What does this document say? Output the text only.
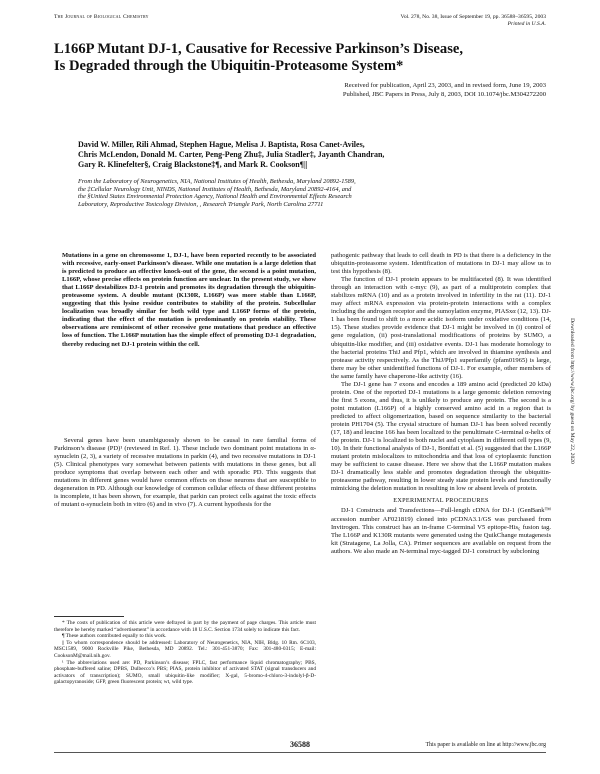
The Journal of Biological Chemistry	Vol. 278, No. 38, Issue of September 19, pp. 36588–36595, 2003
Printed in U.S.A.
L166P Mutant DJ-1, Causative for Recessive Parkinson’s Disease,
Is Degraded through the Ubiquitin-Proteasome System*
Received for publication, April 23, 2003, and in revised form, June 19, 2003
Published, JBC Papers in Press, July 8, 2003, DOI 10.1074/jbc.M304272200
David W. Miller, Rili Ahmad, Stephen Hague, Melisa J. Baptista, Rosa Canet-Aviles,
Chris McLendon, Donald M. Carter, Peng-Peng Zhu‡, Julia Stadler‡, Jayanth Chandran,
Gary R. Klinefelter§, Craig Blackstone‡¶, and Mark R. Cookson¶||
From the Laboratory of Neurogenetics, NIA, National Institutes of Health, Bethesda, Maryland 20892-1589,
the ‡Cellular Neurology Unit, NINDS, National Institutes of Health, Bethesda, Maryland 20892-4164, and
the §United States Environmental Protection Agency, National Health and Environmental Effects Research
Laboratory, Reproductive Toxicology Division, , Research Triangle Park, North Carolina 27711

Mutations in a gene on chromosome 1, DJ-1, have been reported recently to be associated with recessive, early-onset Parkinson’s disease. While one mutation is a large deletion that is predicted to produce an effective knock-out of the gene, the second is a point mutation, L166P, whose precise effects on protein function are unclear. In the present study, we show that L166P destabilizes DJ-1 protein and promotes its degradation through the ubiquitin-proteasome system. A double mutant (K130R, L166P) was more stable than L166P, suggesting that this lysine residue contributes to stability of the protein. Subcellular localization was broadly similar for both wild type and L166P forms of the protein, indicating that the effect of the mutation is predominantly on protein stability. These observations are reminiscent of other recessive gene mutations that produce an effective loss of function. The L166P mutation has the simple effect of promoting DJ-1 degradation, thereby reducing net DJ-1 protein within the cell.

Several genes have been unambiguously shown to be causal in rare familial forms of Parkinson’s disease (PD)¹ (reviewed in Ref. 1). These include two dominant point mutations in α-synuclein (2, 3), a variety of recessive mutations in parkin (4), and two recessive mutations in DJ-1 (5). Clinical phenotypes vary somewhat between patients with mutations in these genes, but all produce symptoms that overlap between each other and with sporadic PD. This suggests that mutations in different genes would have common effects on those neurons that are susceptible to degeneration in PD. Although our knowledge of common cellular effects of these different proteins is incomplete, it has been shown, for example, that parkin can protect cells against the toxic effects of mutant α-synuclein both in vitro (6) and in vivo (7). A current hypothesis for the

* The costs of publication of this article were defrayed in part by the payment of page charges. This article must therefore be hereby marked “advertisement” in accordance with 18 U.S.C. Section 1734 solely to indicate this fact.

¶ These authors contributed equally to this work.

|| To whom correspondence should be addressed: Laboratory of Neurogenetics, NIA, NIH, Bldg. 10 Rm. 6C103, MSC1589, 9000 Rockville Pike, Bethesda, MD 20892. Tel.: 301-451-3870; Fax: 301-480-0315; E-mail: CooksonM@mail.nih.gov.

¹ The abbreviations used are: PD, Parkinson’s disease; FPLC, fast performance liquid chromatography; PBS, phosphate-buffered saline; DPBS, Dulbecco’s PBS; PIAS, protein inhibitor of activated STAT (signal transducers and activators of transcription); SUMO, small ubiquitin-like modifier; X-gal, 5-bromo-4-chloro-3-indolyl-β-D-galactopyranoside; GFP, green fluorescent protein; wt, wild type.

pathogenic pathway that leads to cell death in PD is that there is a deficiency in the ubiquitin-proteasome system. Identification of mutations in DJ-1 may allow us to test this hypothesis (8).

The function of DJ-1 protein appears to be multifaceted (8). It was identified through an interaction with c-myc (9), as part of a multiprotein complex that stabilizes mRNA (10) and as a protein involved in infertility in the rat (11). DJ-1 may affect mRNA expression via protein-protein interactions with a complex including the androgen receptor and the sumoylation enzyme, PIASxα (12, 13). DJ-1 has been found to shift to a more acidic isoform under oxidative conditions (14, 15). These studies provide evidence that DJ-1 might be involved in (i) control of gene regulation, (ii) post-translational modifications of proteins by SUMO, a ubiquitin-like modifier, and (iii) oxidative events. DJ-1 has moderate homology to the bacterial proteins ThiJ and Pfp1, which are involved in thiamine synthesis and protease activity respectively. As the ThiJ/Pfp1 superfamily (pfam01965) is large, there may be other unidentified functions of DJ-1. For example, other members of the same family have chaperone-like activity (16).

The DJ-1 gene has 7 exons and encodes a 189 amino acid (predicted 20 kDa) protein. One of the reported DJ-1 mutations is a large genomic deletion removing the first 5 exons, and thus, it is unlikely to produce any protein. The second is a point mutation (L166P) of a highly conserved amino acid in a region that is predicted to affect oligomerization, based on sequence similarity to the bacterial protein PH1704 (5). The crystal structure of human DJ-1 has been solved recently (17, 18) and leucine 166 has been localized to the penultimate C-terminal α-helix of the protein. DJ-1 is localized to both nuclei and cytoplasm in different cell types (9, 10). In their functional analysis of DJ-1, Bonifati et al. (5) suggested that the L166P mutant protein mislocalizes to mitochondria and that loss of cytoplasmic function may be sufficient to cause disease. Here we show that the L166P mutation makes DJ-1 dramatically less stable and promotes degradation through the ubiquitin-proteasome pathway, resulting in lower steady state protein levels and functionally mimicking the deletion mutation in resulting in low or absent levels of protein.

EXPERIMENTAL PROCEDURES

DJ-1 Constructs and Transfections—Full-length cDNA for DJ-1 (GenBank™ accession number AF021819) cloned into pCDNA3.1/GS was purchased from Invitrogen. This construct has an in-frame C-terminal V5 epitope-His₆ fusion tag. The L166P and K130R mutants were generated using the QuikChange mutagenesis kit (Stratagene, La Jolla, CA). Primer sequences are available on request from the authors. We also made an N-terminal myc-tagged DJ-1 construct by subcloning

Downloaded from http://www.jbc.org/ by guest on May 22, 2020
36588	This paper is available on line at http://www.jbc.org
